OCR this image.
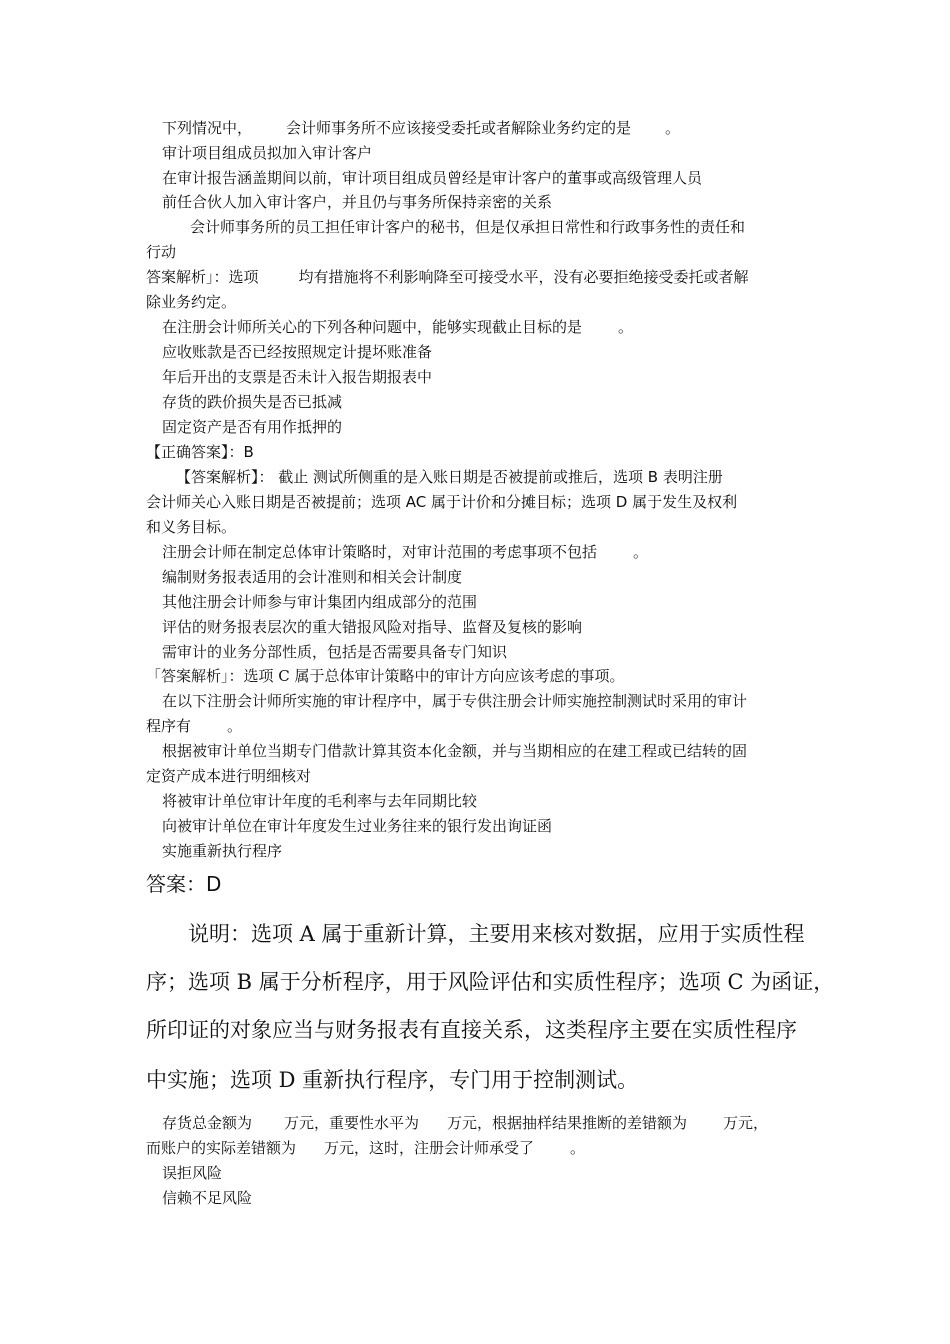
下列情况中， 会计师事务所不应该接受委托或者解除业务约定的是 。
审计项目组成员拟加入审计客户
在审计报告涵盖期间以前，审计项目组成员曾经是审计客户的董事或高级管理人员
前任合伙人加入审计客户，并且仍与事务所保持亲密的关系
会计师事务所的员工担任审计客户的秘书，但是仅承担日常性和行政事务性的责任和
行动
答案解析」：选项	均有措施将不利影响降至可接受水平，没有必要拒绝接受委托或者解
除业务约定。
在注册会计师所关心的下列各种问题中，能够实现截止目标的是 。
应收账款是否已经按照规定计提坏账准备
年后开出的支票是否未计入报告期报表中
存货的跌价损失是否已抵减
固定资产是否有用作抵押的
【正确答案】：B
【答案解析】： 截止 测试所侧重的是入账日期是否被提前或推后，选项 B 表明注册
会计师关心入账日期是否被提前；选项 AC 属于计价和分摊目标；选项 D 属于发生及权利
和义务目标。
注册会计师在制定总体审计策略时，对审计范围的考虑事项不包括 。
编制财务报表适用的会计准则和相关会计制度
其他注册会计师参与审计集团内组成部分的范围
评估的财务报表层次的重大错报风险对指导、监督及复核的影响
需审计的业务分部性质，包括是否需要具备专门知识
「答案解析」：选项 C 属于总体审计策略中的审计方向应该考虑的事项。
在以下注册会计师所实施的审计程序中，属于专供注册会计师实施控制测试时采用的审计
程序有 。
根据被审计单位当期专门借款计算其资本化金额，并与当期相应的在建工程或已结转的固
定资产成本进行明细核对
将被审计单位审计年度的毛利率与去年同期比较
向被审计单位在审计年度发生过业务往来的银行发出询证函
实施重新执行程序
答案：D
说明：选项 A 属于重新计算，主要用来核对数据，应用于实质性程
序；选项 B 属于分析程序，用于风险评估和实质性程序；选项 C 为函证，
所印证的对象应当与财务报表有直接关系，这类程序主要在实质性程序
中实施；选项 D 重新执行程序，专门用于控制测试。
存货总金额为 万元，重要性水平为 万元，根据抽样结果推断的差错额为 万元，
而账户的实际差错额为 万元，这时，注册会计师承受了 。
误拒风险
信赖不足风险
